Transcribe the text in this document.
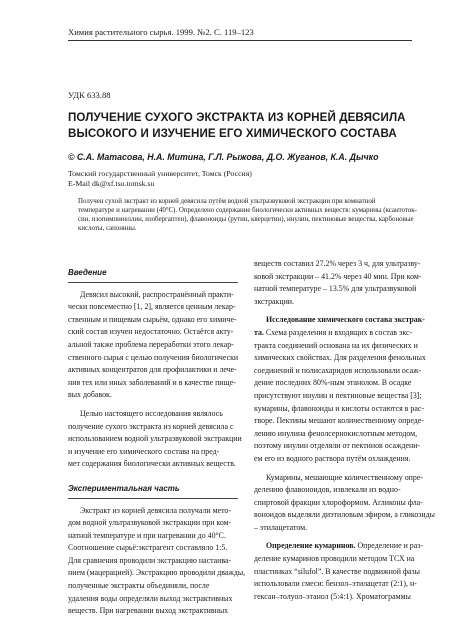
Химия растительного сырья. 1999. №2. С. 119–123
УДК 633.88
ПОЛУЧЕНИЕ СУХОГО ЭКСТРАКТА ИЗ КОРНЕЙ ДЕВЯСИЛА
ВЫСОКОГО И ИЗУЧЕНИЕ ЕГО ХИМИЧЕСКОГО СОСТАВА
© С.А. Матасова, Н.А. Митина, Г.Л. Рыжова, Д.О. Жуганов, К.А. Дычко
Томский государственный университет, Томск (Россия)
E-Mail dk@xf.tsu.tomsk.su
Получен сухой экстракт из корней девясила путём водной ультразвуковой экстракции при комнатной
температуре и нагревании (40°С). Определено содержание биологически активных веществ: кумарины (ксантоток-
син, изопимпинеллин, изобергаптен), флавоноиды (рутин, кверцетин), инулин, пектиновые вещества, карбоновые
кислоты, сапонины.
Введение
Девясил высокий, распространённый практи-
чески повсеместно [1, 2], является ценным лекар-
ственным и пищевым сырьём, однако его химиче-
ский состав изучен недостаточно. Остаётся акту-
альной также проблема переработки этого лекар-
ственного сырья с целью получения биологически
активных концентратов для профилактики и лече-
ния тех или иных заболеваний и в качестве пище-
вых добавок.
Целью настоящего исследования являлось
получение сухого экстракта из корней девясила с
использованием водной ультразвуковой экстракции
и изучение его химического состава на пред-
мет содержания биологически активных веществ.
Экспериментальная часть
Экстракт из корней девясила получали мето-
дом водной ультразвуковой экстракции при ком-
натной температуре и при нагревании до 40°С.
Соотношение сырьё:экстрагент составляло 1:5.
Для сравнения проводили экстракцию настаива-
нием (мацерацией). Экстракцию проводили дважды,
полученные экстракты объединяли, после
удаления воды определяли выход экстрактивных
веществ. При нагревании выход экстрактивных
веществ составил 27.2% через 3 ч, для ультразву-
ковой экстракции – 41.2% через 40 мин. При ком-
натной температуре – 13.5% для ультразвуковой
экстракции.
Исследование химического состава экстрак-
та. Схема разделения и входящих в состав экс-
тракта соединений основана на их физических и
химических свойствах. Для разделения фенольных
соединений и полисахаридов использовали осаж-
дение последних 80%-ным этанолом. В осадке
присутствуют инулин и пектиновые вещества [3];
кумарины, флавоноиды и кислоты остаются в рас-
творе. Пектины мешают количественному опреде-
лению инулина фенолсернокислотным методом,
поэтому инулин отделяли от пектинов осаждени-
ем его из водного раствора путём охлаждения.
Кумарины, мешающие количественному опре-
делению флавоноидов, извлекали из водно-
спиртовой фракции хлороформом. Агликоны фла-
воноидов выделяли диэтиловым эфиром, а гликозиды
– этилацетатом.
Определение кумаринов. Определение и раз-
деление кумаринов проводили методом ТСХ на
пластинках “silufol”. В качестве подвижной фазы
использовали смеси: бензол–этилацетат (2:1), н-
гексан–толуол–этанол (5:4:1). Хроматограммы
